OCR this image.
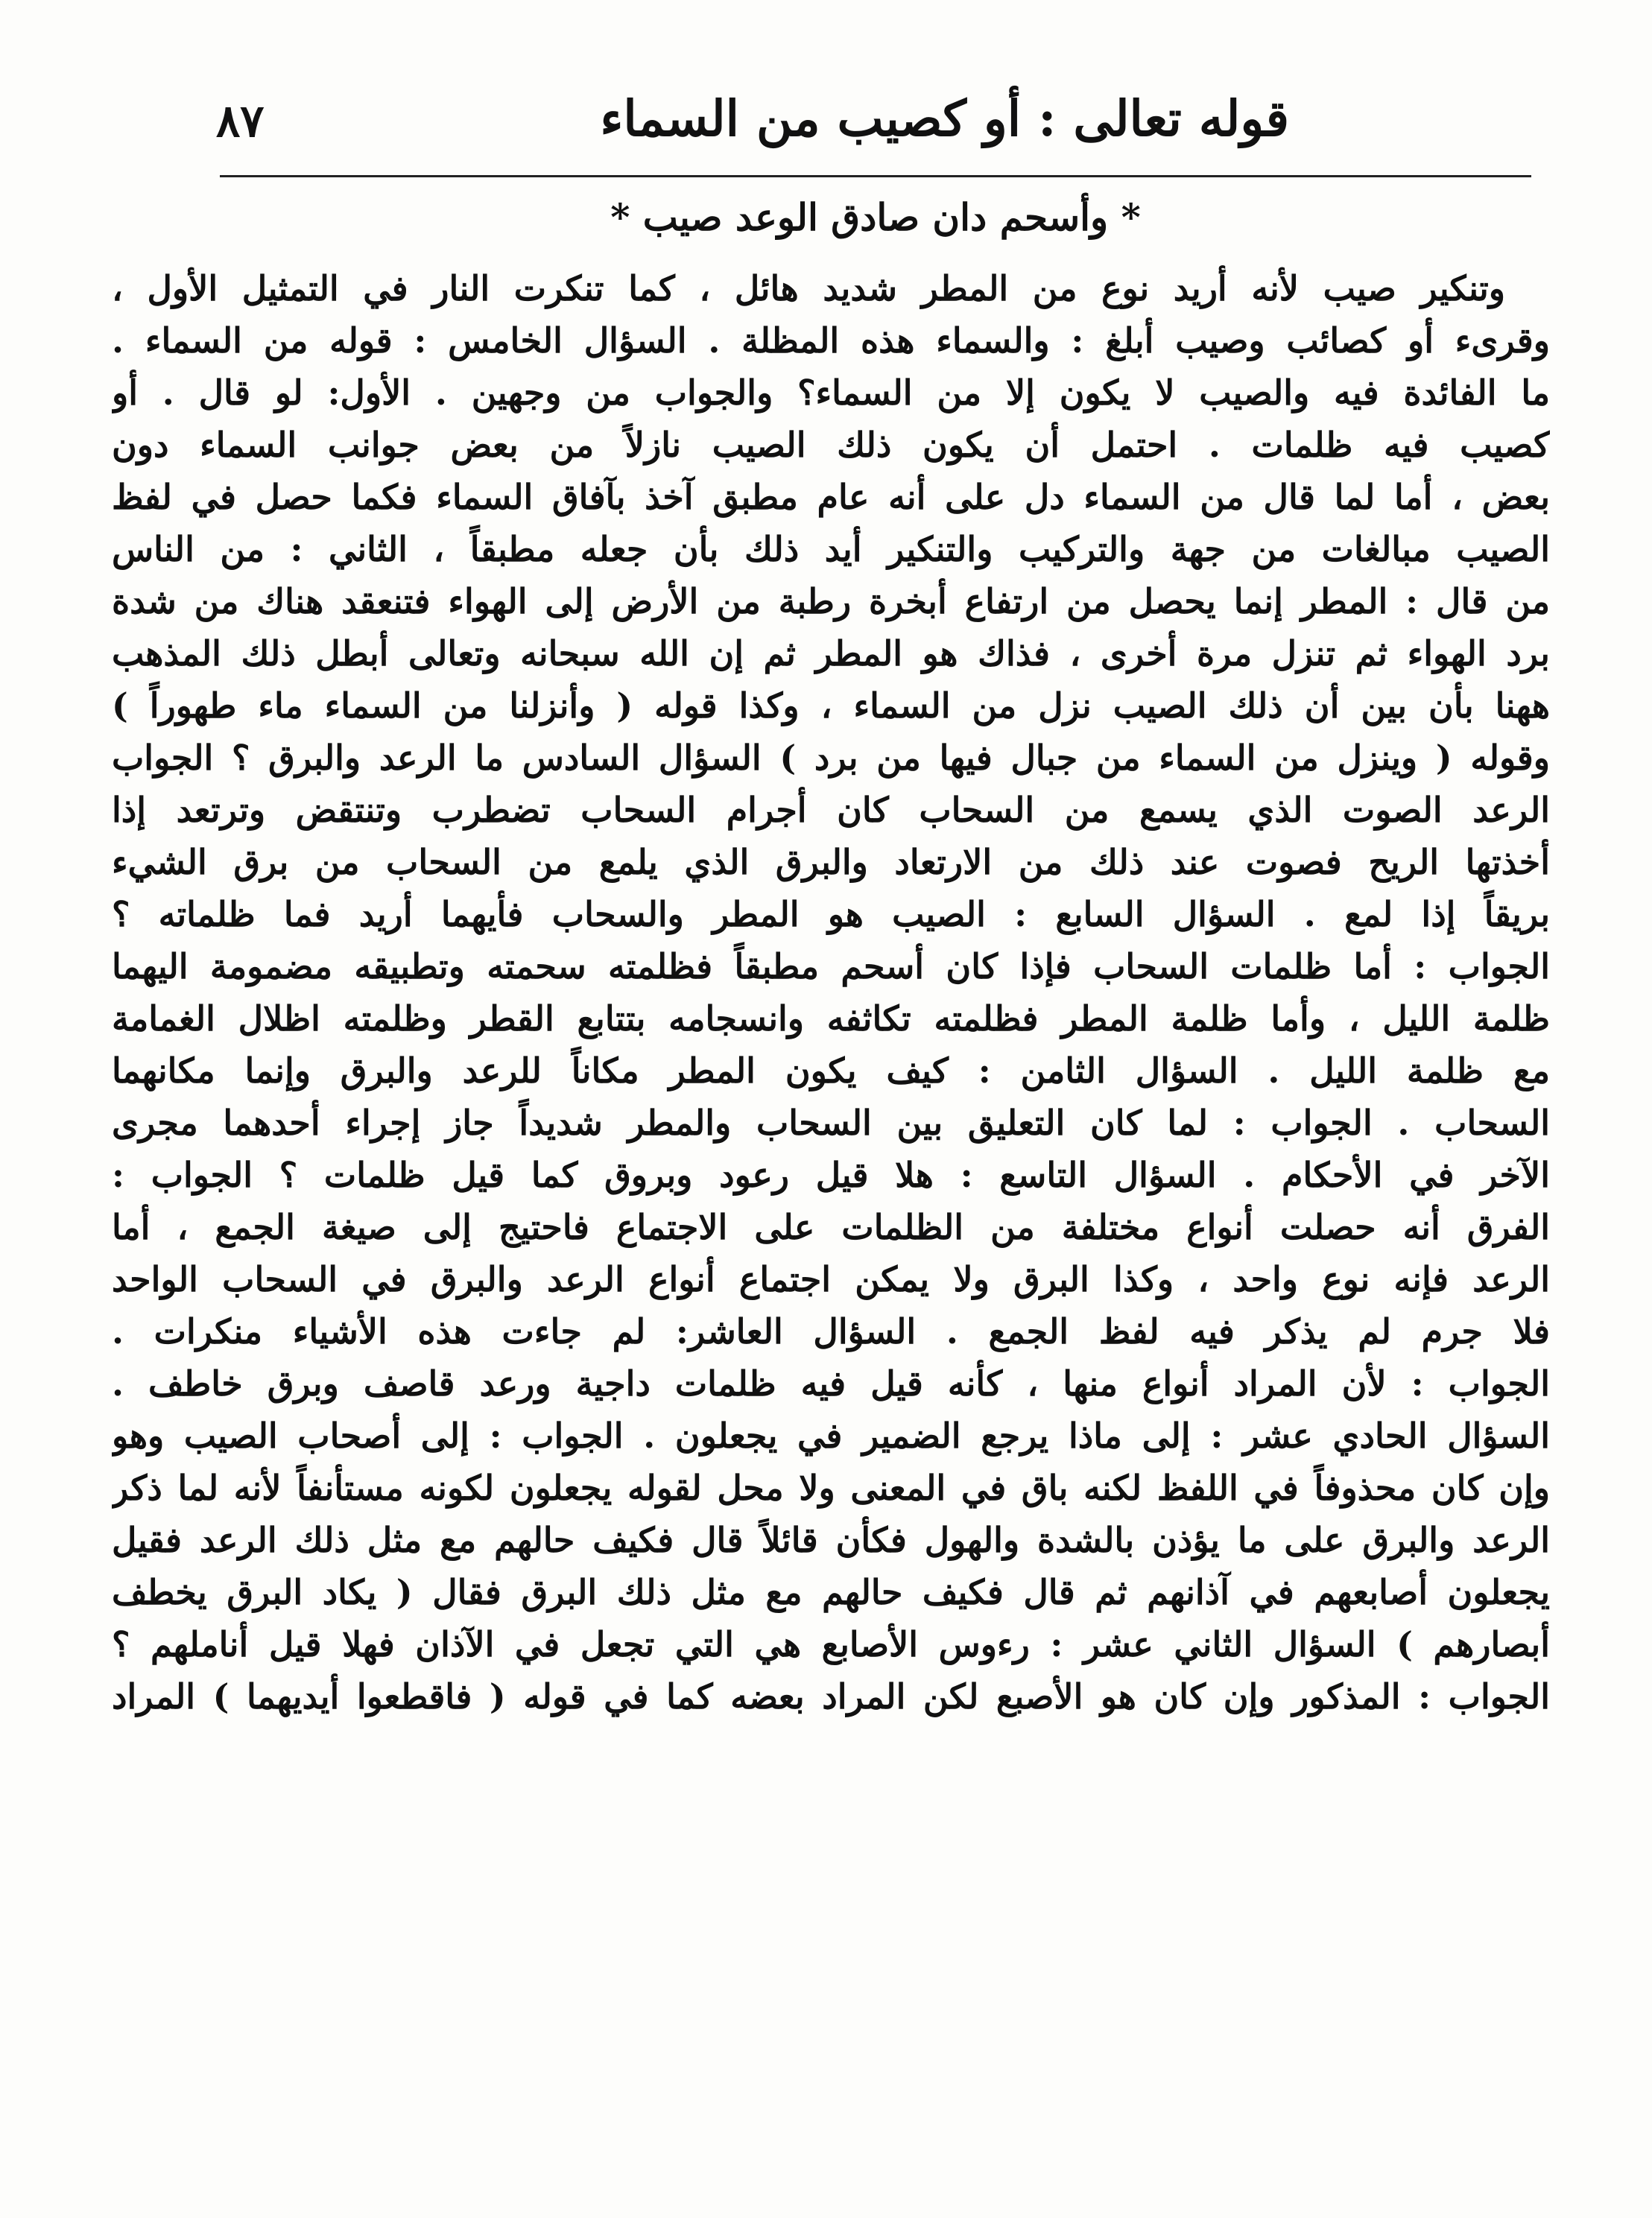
قوله تعالى : أو كصيب من السماء
٨٧
* وأسحم دان صادق الوعد صيب *
وتنكير صيب لأنه أريد نوع من المطر شديد هائل ، كما تنكرت النار في التمثيل الأول ،
وقرىء أو كصائب وصيب أبلغ : والسماء هذه المظلة . السؤال الخامس : قوله من السماء .
ما الفائدة فيه والصيب لا يكون إلا من السماء؟ والجواب من وجهين . الأول: لو قال . أو
كصيب فيه ظلمات . احتمل أن يكون ذلك الصيب نازلاً من بعض جوانب السماء دون
بعض ، أما لما قال من السماء دل على أنه عام مطبق آخذ بآفاق السماء فكما حصل في لفظ
الصيب مبالغات من جهة والتركيب والتنكير أيد ذلك بأن جعله مطبقاً ، الثاني : من الناس
من قال : المطر إنما يحصل من ارتفاع أبخرة رطبة من الأرض إلى الهواء فتنعقد هناك من شدة
برد الهواء ثم تنزل مرة أخرى ، فذاك هو المطر ثم إن الله سبحانه وتعالى أبطل ذلك المذهب
ههنا بأن بين أن ذلك الصيب نزل من السماء ، وكذا قوله ( وأنزلنا من السماء ماء طهوراً )
وقوله ( وينزل من السماء من جبال فيها من برد ) السؤال السادس ما الرعد والبرق ؟ الجواب
الرعد الصوت الذي يسمع من السحاب كان أجرام السحاب تضطرب وتنتقض وترتعد إذا
أخذتها الريح فصوت عند ذلك من الارتعاد والبرق الذي يلمع من السحاب من برق الشيء
بريقاً إذا لمع . السؤال السابع : الصيب هو المطر والسحاب فأيهما أريد فما ظلماته ؟
الجواب : أما ظلمات السحاب فإذا كان أسحم مطبقاً فظلمته سحمته وتطبيقه مضمومة اليهما
ظلمة الليل ، وأما ظلمة المطر فظلمته تكاثفه وانسجامه بتتابع القطر وظلمته اظلال الغمامة
مع ظلمة الليل . السؤال الثامن : كيف يكون المطر مكاناً للرعد والبرق وإنما مكانهما
السحاب . الجواب : لما كان التعليق بين السحاب والمطر شديداً جاز إجراء أحدهما مجرى
الآخر في الأحكام . السؤال التاسع : هلا قيل رعود وبروق كما قيل ظلمات ؟ الجواب :
الفرق أنه حصلت أنواع مختلفة من الظلمات على الاجتماع فاحتيج إلى صيغة الجمع ، أما
الرعد فإنه نوع واحد ، وكذا البرق ولا يمكن اجتماع أنواع الرعد والبرق في السحاب الواحد
فلا جرم لم يذكر فيه لفظ الجمع . السؤال العاشر: لم جاءت هذه الأشياء منكرات .
الجواب : لأن المراد أنواع منها ، كأنه قيل فيه ظلمات داجية ورعد قاصف وبرق خاطف .
السؤال الحادي عشر : إلى ماذا يرجع الضمير في يجعلون . الجواب : إلى أصحاب الصيب وهو
وإن كان محذوفاً في اللفظ لكنه باق في المعنى ولا محل لقوله يجعلون لكونه مستأنفاً لأنه لما ذكر
الرعد والبرق على ما يؤذن بالشدة والهول فكأن قائلاً قال فكيف حالهم مع مثل ذلك الرعد فقيل
يجعلون أصابعهم في آذانهم ثم قال فكيف حالهم مع مثل ذلك البرق فقال ( يكاد البرق يخطف
أبصارهم ) السؤال الثاني عشر : رءوس الأصابع هي التي تجعل في الآذان فهلا قيل أناملهم ؟
الجواب : المذكور وإن كان هو الأصبع لكن المراد بعضه كما في قوله ( فاقطعوا أيديهما ) المراد
